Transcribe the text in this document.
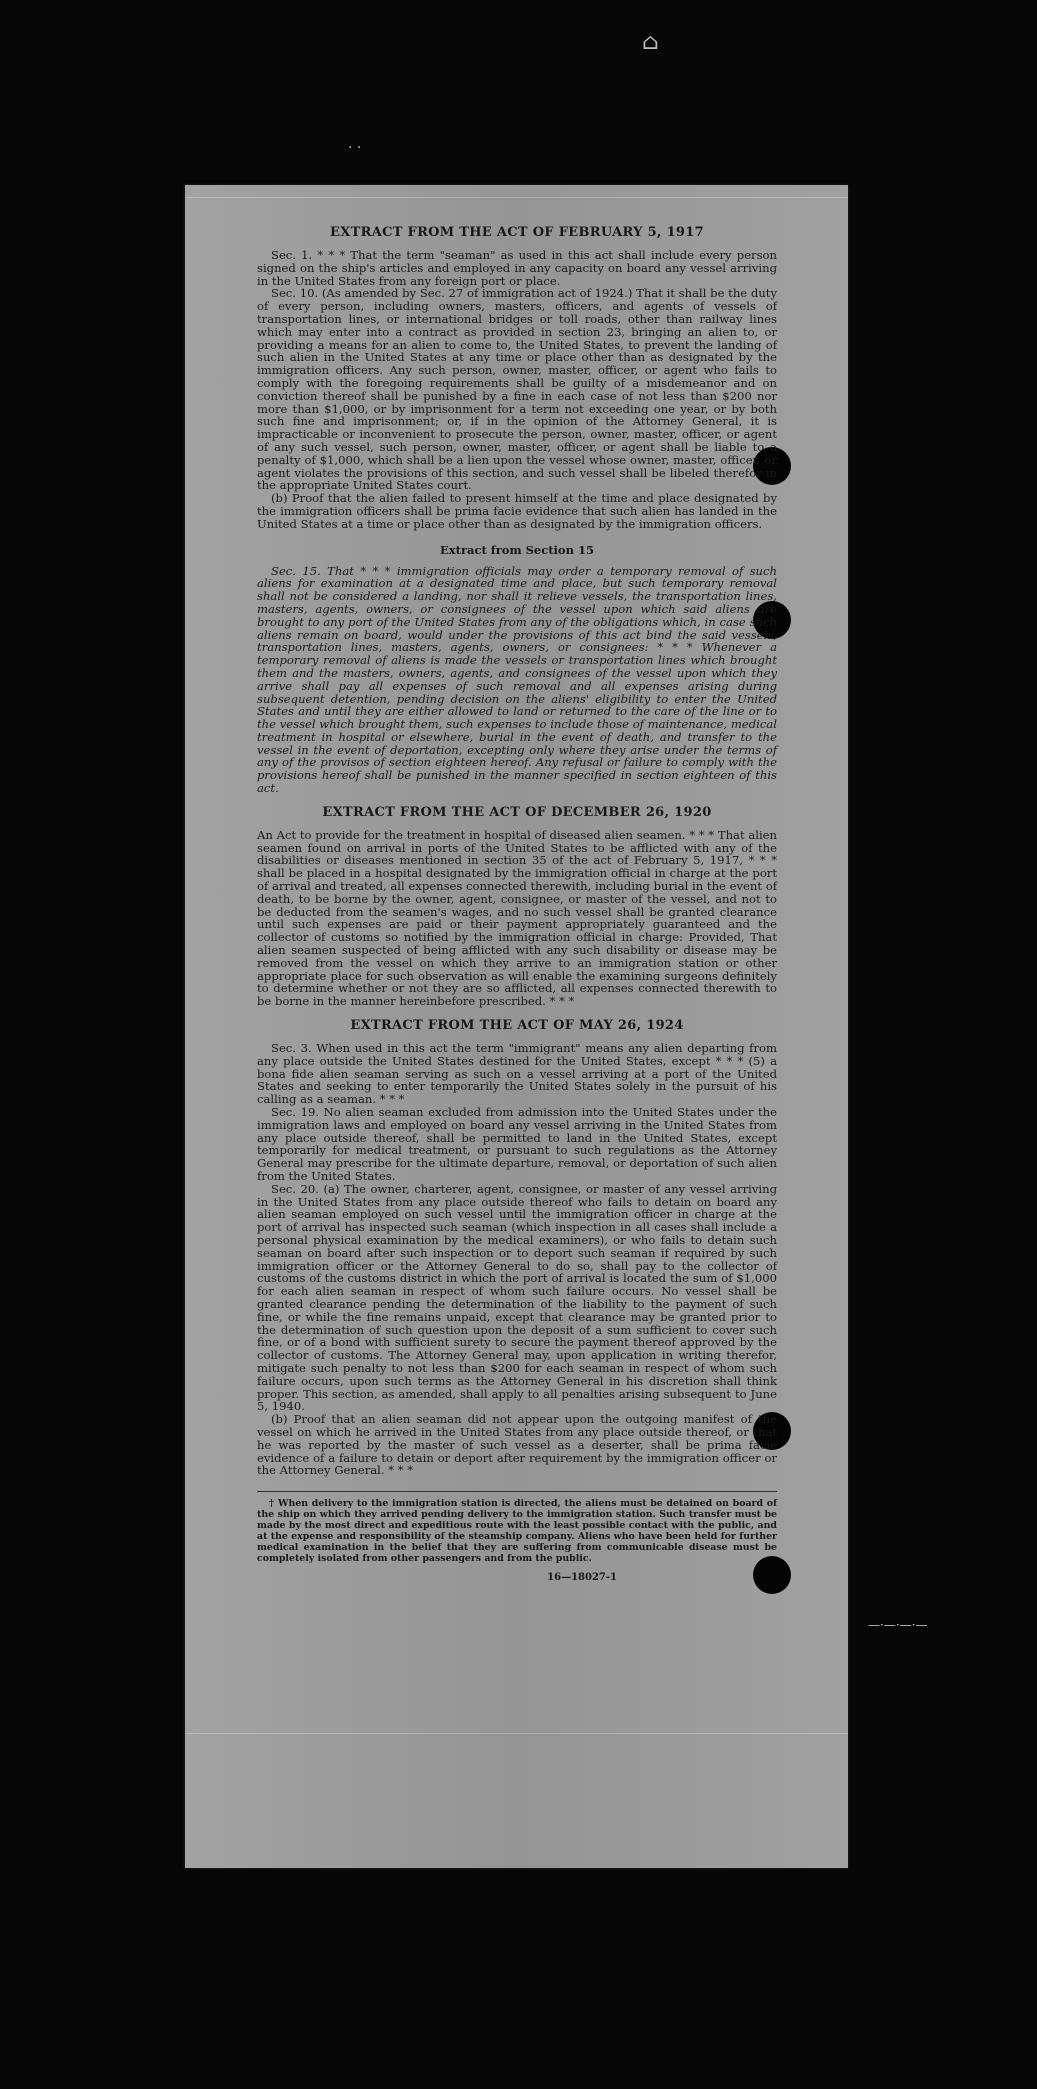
⌂
· ·
—·—·—·—
EXTRACT FROM THE ACT OF FEBRUARY 5, 1917

Sec. 1. * * * That the term "seaman" as used in this act shall include every person signed on the ship's articles and employed in any capacity on board any vessel arriving in the United States from any foreign port or place.

Sec. 10. (As amended by Sec. 27 of immigration act of 1924.) That it shall be the duty of every person, including owners, masters, officers, and agents of vessels of transportation lines, or international bridges or toll roads, other than railway lines which may enter into a contract as provided in section 23, bringing an alien to, or providing a means for an alien to come to, the United States, to prevent the landing of such alien in the United States at any time or place other than as designated by the immigration officers. Any such person, owner, master, officer, or agent who fails to comply with the foregoing requirements shall be guilty of a misdemeanor and on conviction thereof shall be punished by a fine in each case of not less than $200 nor more than $1,000, or by imprisonment for a term not exceeding one year, or by both such fine and imprisonment; or, if in the opinion of the Attorney General, it is impracticable or inconvenient to prosecute the person, owner, master, officer, or agent of any such vessel, such person, owner, master, officer, or agent shall be liable to a penalty of $1,000, which shall be a lien upon the vessel whose owner, master, officer, or agent violates the provisions of this section, and such vessel shall be libeled therefor in the appropriate United States court.

(b) Proof that the alien failed to present himself at the time and place designated by the immigration officers shall be prima facie evidence that such alien has landed in the United States at a time or place other than as designated by the immigration officers.

Extract from Section 15

Sec. 15. That * * * immigration officials may order a temporary removal of such aliens for examination at a designated time and place, but such temporary removal shall not be considered a landing, nor shall it relieve vessels, the transportation lines, masters, agents, owners, or consignees of the vessel upon which said aliens are brought to any port of the United States from any of the obligations which, in case such aliens remain on board, would under the provisions of this act bind the said vessels, transportation lines, masters, agents, owners, or consignees: * * * Whenever a temporary removal of aliens is made the vessels or transportation lines which brought them and the masters, owners, agents, and consignees of the vessel upon which they arrive shall pay all expenses of such removal and all expenses arising during subsequent detention, pending decision on the aliens' eligibility to enter the United States and until they are either allowed to land or returned to the care of the line or to the vessel which brought them, such expenses to include those of maintenance, medical treatment in hospital or elsewhere, burial in the event of death, and transfer to the vessel in the event of deportation, excepting only where they arise under the terms of any of the provisos of section eighteen hereof. Any refusal or failure to comply with the provisions hereof shall be punished in the manner specified in section eighteen of this act.

EXTRACT FROM THE ACT OF DECEMBER 26, 1920

An Act to provide for the treatment in hospital of diseased alien seamen. * * * That alien seamen found on arrival in ports of the United States to be afflicted with any of the disabilities or diseases mentioned in section 35 of the act of February 5, 1917, * * * shall be placed in a hospital designated by the immigration official in charge at the port of arrival and treated, all expenses connected therewith, including burial in the event of death, to be borne by the owner, agent, consignee, or master of the vessel, and not to be deducted from the seamen's wages, and no such vessel shall be granted clearance until such expenses are paid or their payment appropriately guaranteed and the collector of customs so notified by the immigration official in charge: Provided, That alien seamen suspected of being afflicted with any such disability or disease may be removed from the vessel on which they arrive to an immigration station or other appropriate place for such observation as will enable the examining surgeons definitely to determine whether or not they are so afflicted, all expenses connected therewith to be borne in the manner hereinbefore prescribed. * * *

EXTRACT FROM THE ACT OF MAY 26, 1924

Sec. 3. When used in this act the term "immigrant" means any alien departing from any place outside the United States destined for the United States, except * * * (5) a bona fide alien seaman serving as such on a vessel arriving at a port of the United States and seeking to enter temporarily the United States solely in the pursuit of his calling as a seaman. * * *

Sec. 19. No alien seaman excluded from admission into the United States under the immigration laws and employed on board any vessel arriving in the United States from any place outside thereof, shall be permitted to land in the United States, except temporarily for medical treatment, or pursuant to such regulations as the Attorney General may prescribe for the ultimate departure, removal, or deportation of such alien from the United States.

Sec. 20. (a) The owner, charterer, agent, consignee, or master of any vessel arriving in the United States from any place outside thereof who fails to detain on board any alien seaman employed on such vessel until the immigration officer in charge at the port of arrival has inspected such seaman (which inspection in all cases shall include a personal physical examination by the medical examiners), or who fails to detain such seaman on board after such inspection or to deport such seaman if required by such immigration officer or the Attorney General to do so, shall pay to the collector of customs of the customs district in which the port of arrival is located the sum of $1,000 for each alien seaman in respect of whom such failure occurs. No vessel shall be granted clearance pending the determination of the liability to the payment of such fine, or while the fine remains unpaid, except that clearance may be granted prior to the determination of such question upon the deposit of a sum sufficient to cover such fine, or of a bond with sufficient surety to secure the payment thereof approved by the collector of customs. The Attorney General may, upon application in writing therefor, mitigate such penalty to not less than $200 for each seaman in respect of whom such failure occurs, upon such terms as the Attorney General in his discretion shall think proper. This section, as amended, shall apply to all penalties arising subsequent to June 5, 1940.

(b) Proof that an alien seaman did not appear upon the outgoing manifest of the vessel on which he arrived in the United States from any place outside thereof, or that he was reported by the master of such vessel as a deserter, shall be prima facie evidence of a failure to detain or deport after requirement by the immigration officer or the Attorney General. * * *

† When delivery to the immigration station is directed, the aliens must be detained on board of the ship on which they arrived pending delivery to the immigration station. Such transfer must be made by the most direct and expeditious route with the least possible contact with the public, and at the expense and responsibility of the steamship company. Aliens who have been held for further medical examination in the belief that they are suffering from communicable disease must be completely isolated from other passengers and from the public.

16—18027-1
